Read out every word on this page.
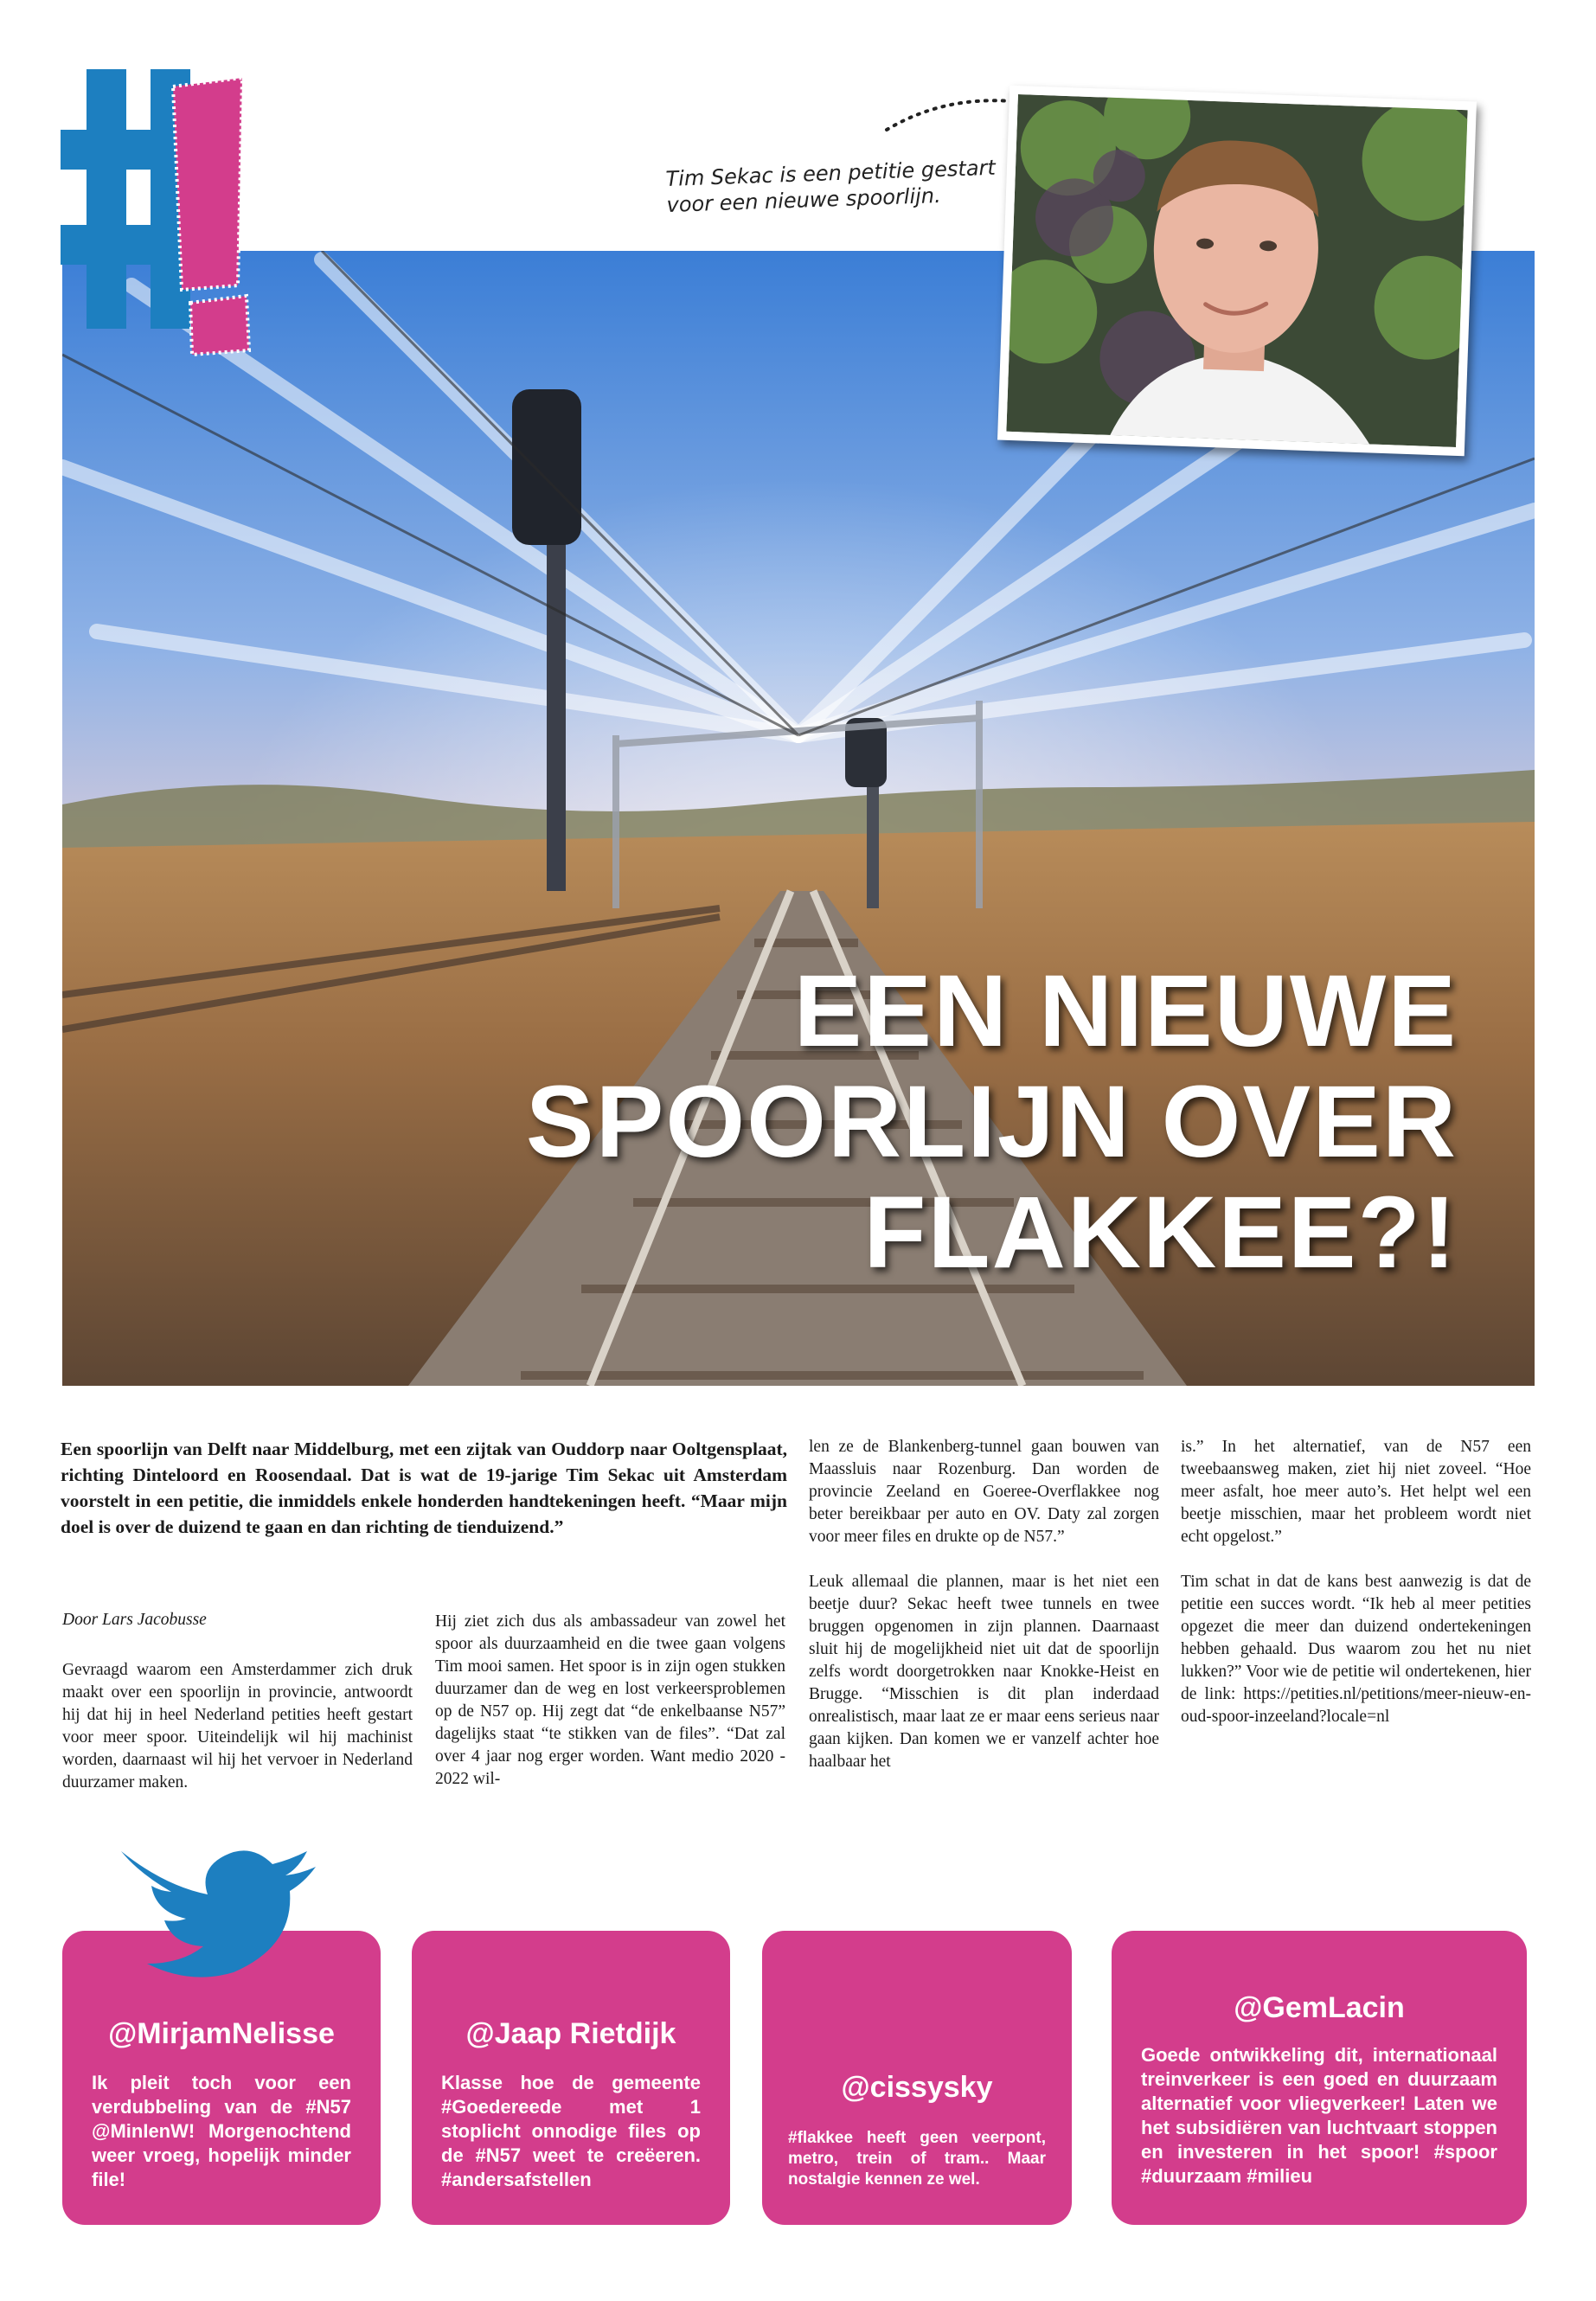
Tim Sekac is een petitie gestart
voor een nieuwe spoorlijn.
EEN NIEUWE
SPOORLIJN OVER
FLAKKEE?!
Een spoorlijn van Delft naar Middelburg, met een zijtak van Ouddorp naar Ooltgensplaat, richting Dinteloord en Roosendaal. Dat is wat de 19-jarige Tim Sekac uit Amsterdam voorstelt in een petitie, die inmiddels enkele honderden handtekeningen heeft. “Maar mijn doel is over de duizend te gaan en dan richting de tienduizend.”
Door Lars Jacobusse

Gevraagd waarom een Amsterdammer zich druk maakt over een spoorlijn in provincie, antwoordt hij dat hij in heel Nederland petities heeft gestart voor meer spoor. Uiteindelijk wil hij machinist worden, daarnaast wil hij het vervoer in Nederland duurzamer maken.

Hij ziet zich dus als ambassadeur van zowel het spoor als duurzaamheid en die twee gaan volgens Tim mooi samen. Het spoor is in zijn ogen stukken duurzamer dan de weg en lost verkeersproblemen op de N57 op. Hij zegt dat “de enkelbaanse N57” dagelijks staat “te stikken van de files”. “Dat zal over 4 jaar nog erger worden. Want medio 2020 - 2022 wil-

len ze de Blankenberg-tunnel gaan bouwen van Maassluis naar Rozenburg. Dan worden de provincie Zeeland en Goeree-Overflakkee nog beter bereikbaar per auto en OV. Daty zal zorgen voor meer files en drukte op de N57.”

Leuk allemaal die plannen, maar is het niet een beetje duur? Sekac heeft twee tunnels en twee bruggen opgenomen in zijn plannen. Daarnaast sluit hij de mogelijkheid niet uit dat de spoorlijn zelfs wordt doorgetrokken naar Knokke-Heist en Brugge. “Misschien is dit plan inderdaad onrealistisch, maar laat ze er maar eens serieus naar gaan kijken. Dan komen we er vanzelf achter hoe haalbaar het

is.” In het alternatief, van de N57 een tweebaansweg maken, ziet hij niet zoveel. “Hoe meer asfalt, hoe meer auto’s. Het helpt wel een beetje misschien, maar het probleem wordt niet echt opgelost.”

Tim schat in dat de kans best aanwezig is dat de petitie een succes wordt. “Ik heb al meer petities opgezet die meer dan duizend ondertekeningen hebben gehaald. Dus waarom zou het nu niet lukken?” Voor wie de petitie wil ondertekenen, hier de link: https://petities.nl/petitions/meer-nieuw-en-oud-spoor-inzeeland?locale=nl

@MirjamNelisse
Ik pleit toch voor een verdubbeling van de #N57 @MinIenW! Morgenochtend weer vroeg, hopelijk minder file!
@Jaap Rietdijk
Klasse hoe de gemeente #Goedereede met 1 stoplicht onnodige files op de #N57 weet te creëeren. #andersafstellen
@cissysky
#flakkee heeft geen veerpont, metro, trein of tram.. Maar nostalgie kennen ze wel.
@GemLacin
Goede ontwikkeling dit, internationaal treinverkeer is een goed en duurzaam alternatief voor vliegverkeer! Laten we het subsidiëren van luchtvaart stoppen en investeren in het spoor! #spoor #duurzaam #milieu
